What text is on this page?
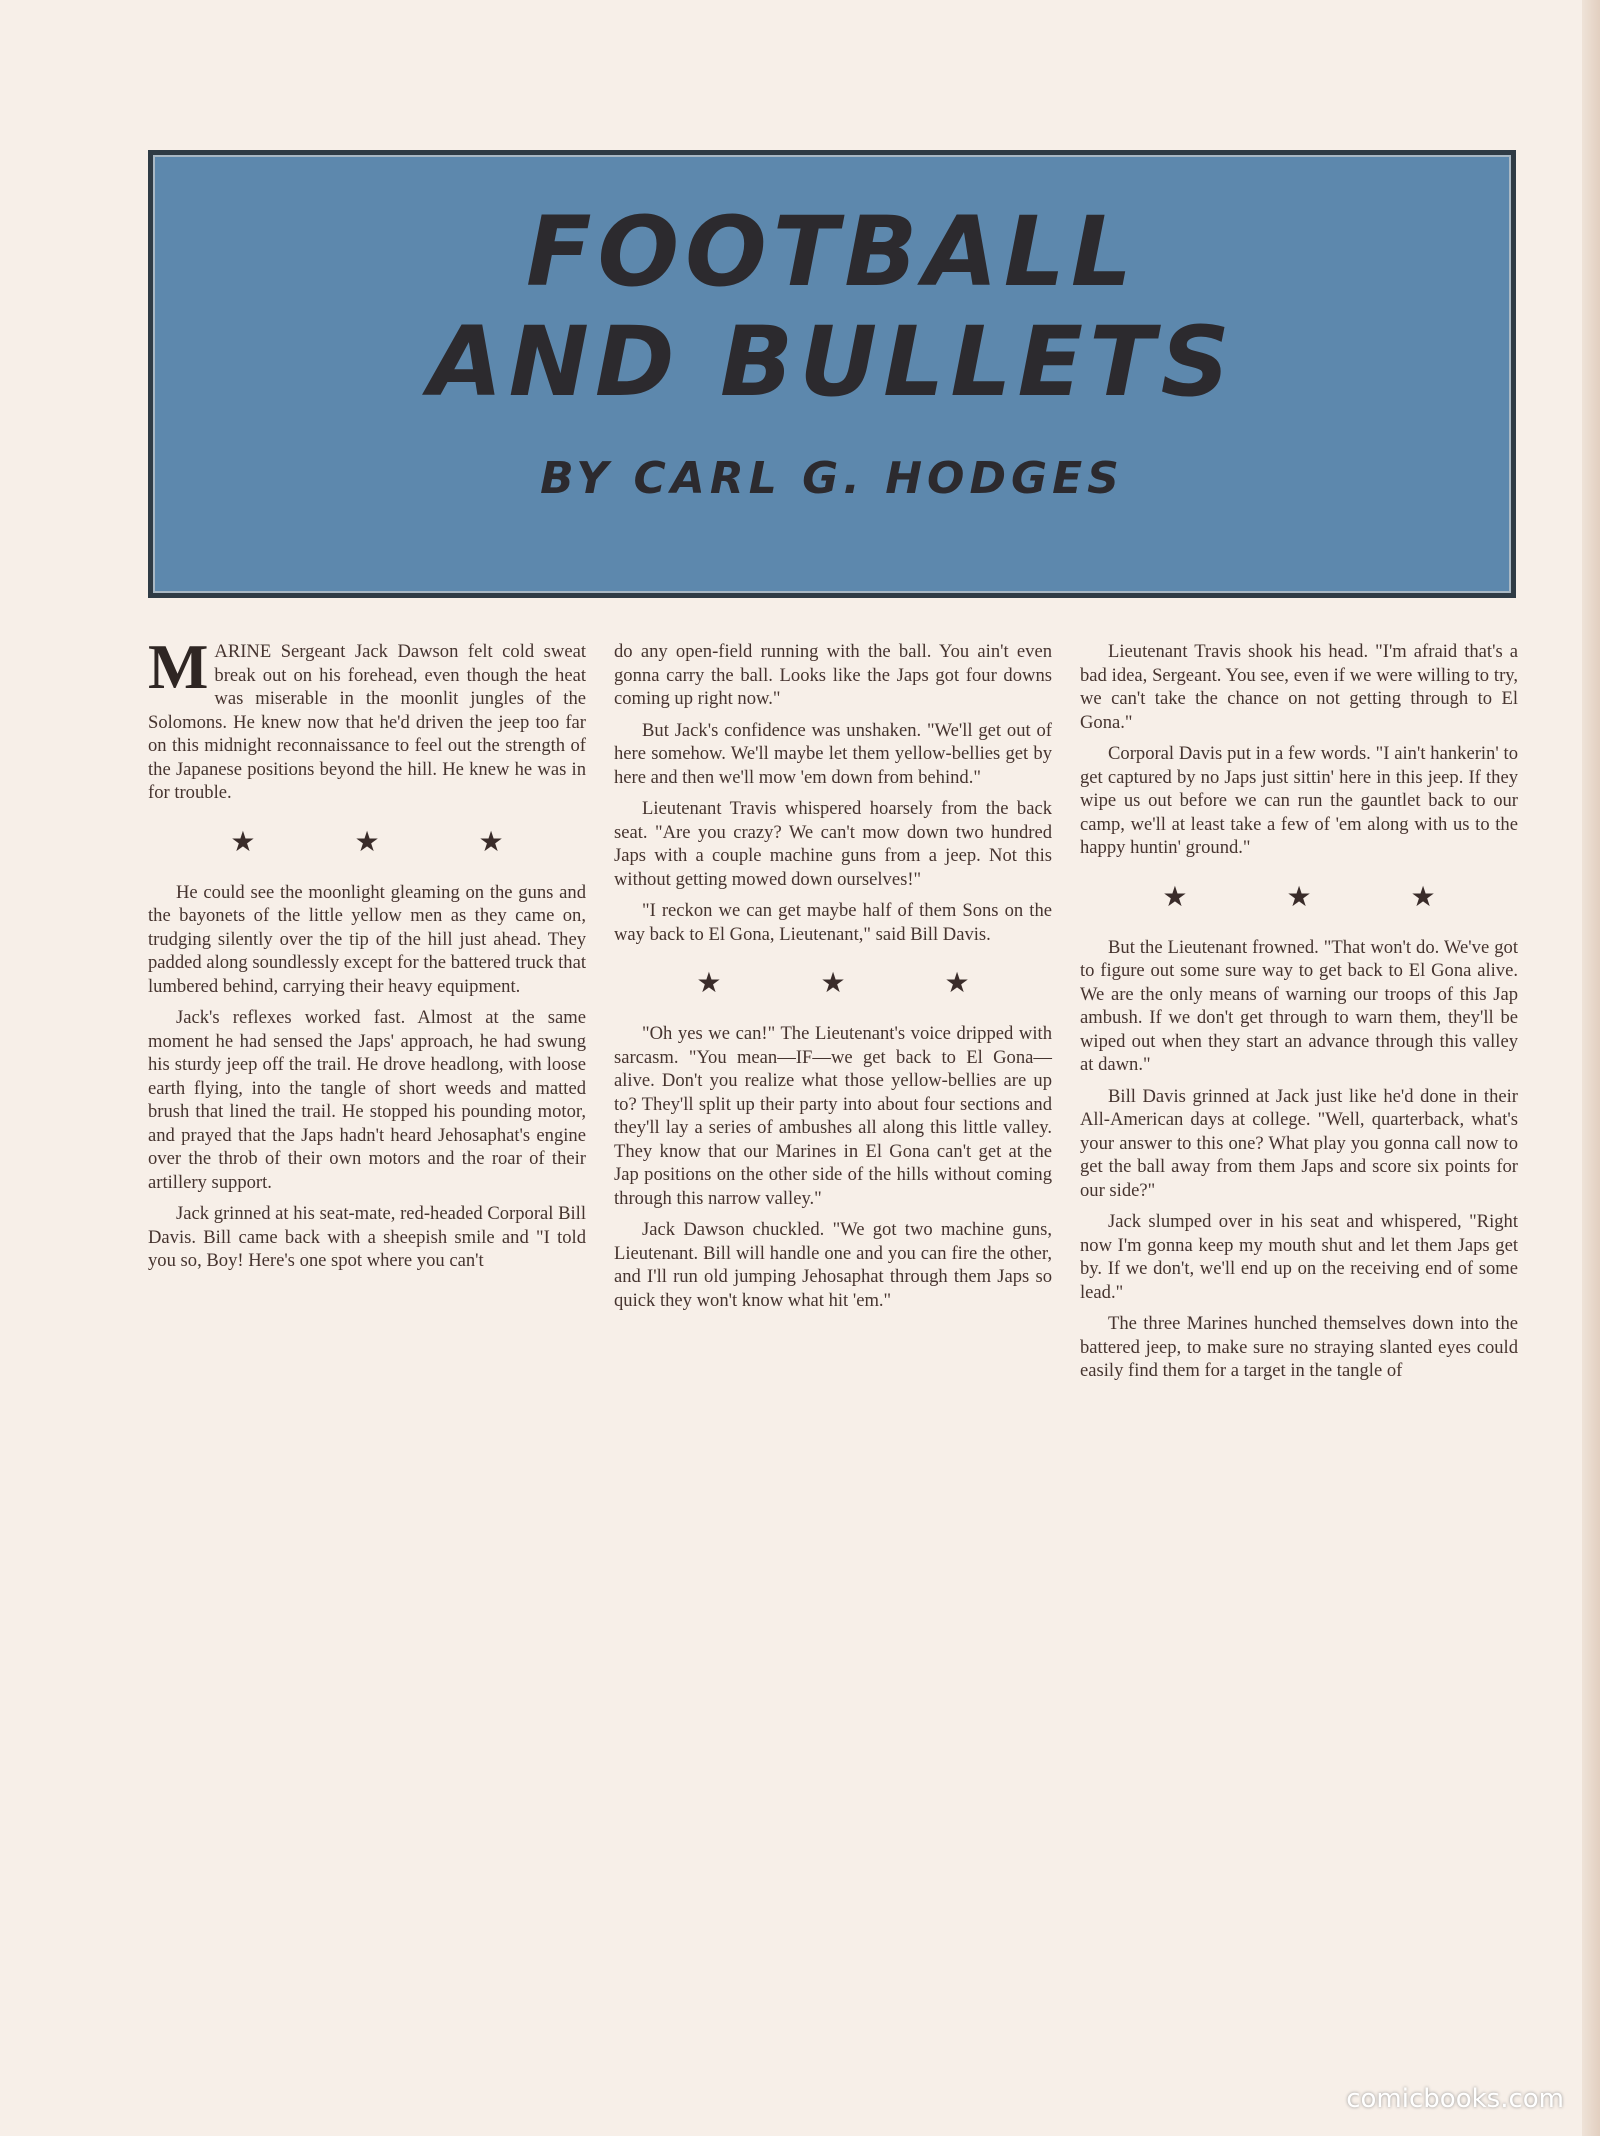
FOOTBALL
AND BULLETS
BY CARL G. HODGES

MARINE Sergeant Jack Dawson felt cold sweat break out on his forehead, even though the heat was miserable in the moonlit jungles of the Solomons. He knew now that he'd driven the jeep too far on this midnight reconnaissance to feel out the strength of the Japanese positions beyond the hill. He knew he was in for trouble.

★ ★ ★

He could see the moonlight gleaming on the guns and the bayonets of the little yellow men as they came on, trudging silently over the tip of the hill just ahead. They padded along soundlessly except for the battered truck that lumbered behind, carrying their heavy equipment.

Jack's reflexes worked fast. Almost at the same moment he had sensed the Japs' approach, he had swung his sturdy jeep off the trail. He drove headlong, with loose earth flying, into the tangle of short weeds and matted brush that lined the trail. He stopped his pounding motor, and prayed that the Japs hadn't heard Jehosaphat's engine over the throb of their own motors and the roar of their artillery support.

Jack grinned at his seat-mate, red-headed Corporal Bill Davis. Bill came back with a sheepish smile and "I told you so, Boy! Here's one spot where you can't

do any open-field running with the ball. You ain't even gonna carry the ball. Looks like the Japs got four downs coming up right now."

But Jack's confidence was unshaken. "We'll get out of here somehow. We'll maybe let them yellow-bellies get by here and then we'll mow 'em down from behind."

Lieutenant Travis whispered hoarsely from the back seat. "Are you crazy? We can't mow down two hundred Japs with a couple machine guns from a jeep. Not this without getting mowed down ourselves!"

"I reckon we can get maybe half of them Sons on the way back to El Gona, Lieutenant," said Bill Davis.

★ ★ ★

"Oh yes we can!" The Lieutenant's voice dripped with sarcasm. "You mean—IF—we get back to El Gona—alive. Don't you realize what those yellow-bellies are up to? They'll split up their party into about four sections and they'll lay a series of ambushes all along this little valley. They know that our Marines in El Gona can't get at the Jap positions on the other side of the hills without coming through this narrow valley."

Jack Dawson chuckled. "We got two machine guns, Lieutenant. Bill will handle one and you can fire the other, and I'll run old jumping Jehosaphat through them Japs so quick they won't know what hit 'em."

Lieutenant Travis shook his head. "I'm afraid that's a bad idea, Sergeant. You see, even if we were willing to try, we can't take the chance on not getting through to El Gona."

Corporal Davis put in a few words. "I ain't hankerin' to get captured by no Japs just sittin' here in this jeep. If they wipe us out before we can run the gauntlet back to our camp, we'll at least take a few of 'em along with us to the happy huntin' ground."

★ ★ ★

But the Lieutenant frowned. "That won't do. We've got to figure out some sure way to get back to El Gona alive. We are the only means of warning our troops of this Jap ambush. If we don't get through to warn them, they'll be wiped out when they start an advance through this valley at dawn."

Bill Davis grinned at Jack just like he'd done in their All-American days at college. "Well, quarterback, what's your answer to this one? What play you gonna call now to get the ball away from them Japs and score six points for our side?"

Jack slumped over in his seat and whispered, "Right now I'm gonna keep my mouth shut and let them Japs get by. If we don't, we'll end up on the receiving end of some lead."

The three Marines hunched themselves down into the battered jeep, to make sure no straying slanted eyes could easily find them for a target in the tangle of

comicbooks.com
